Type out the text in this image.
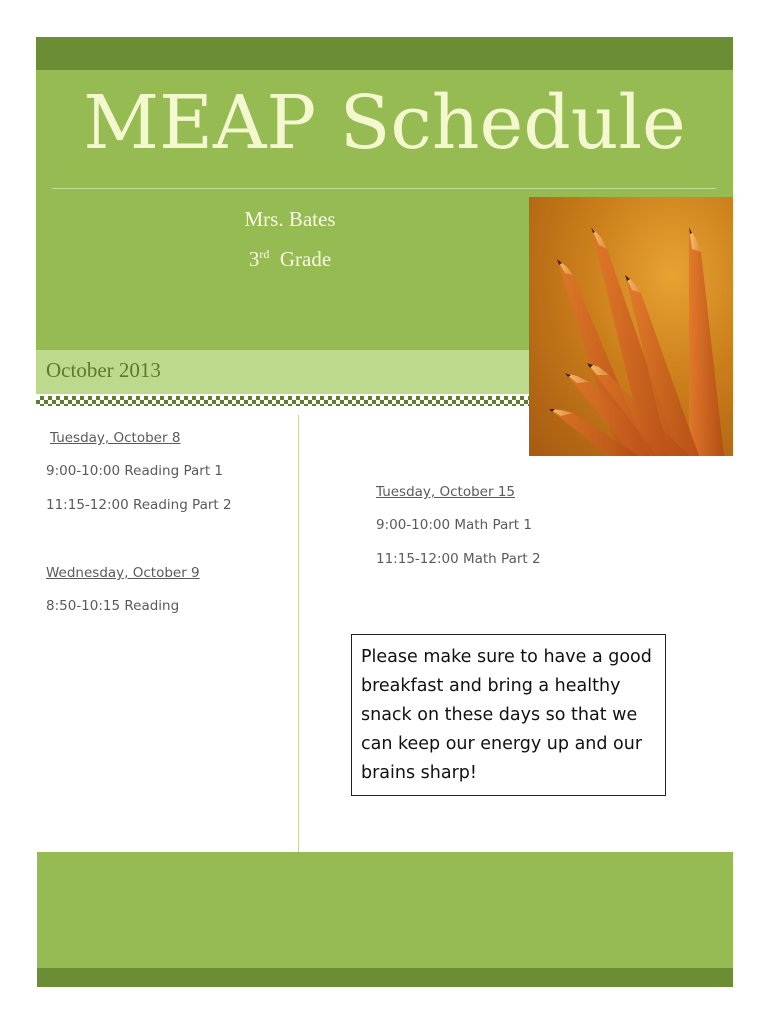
MEAP Schedule
Mrs. Bates
3rd Grade
October 2013
Tuesday, October 8
9:00-10:00 Reading Part 1
11:15-12:00 Reading Part 2
Wednesday, October 9
8:50-10:15 Reading
Tuesday, October 15
9:00-10:00 Math Part 1
11:15-12:00 Math Part 2
Please make sure to have a good breakfast and bring a healthy snack on these days so that we can keep our energy up and our brains sharp!
